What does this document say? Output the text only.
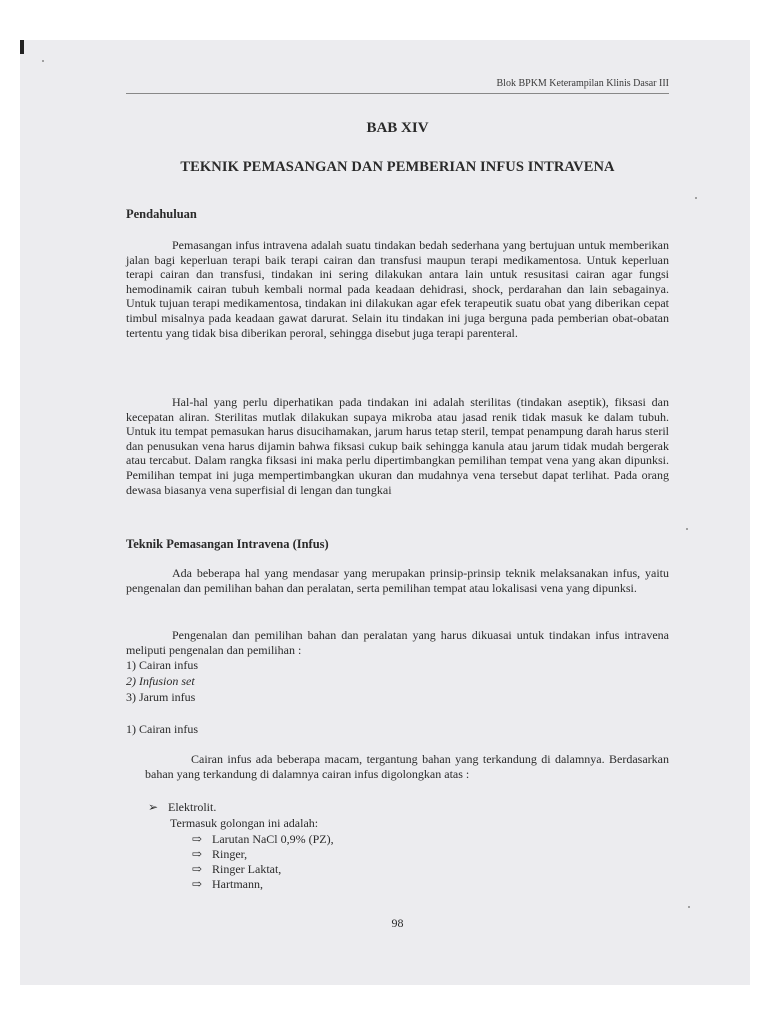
Blok BPKM Keterampilan Klinis Dasar III
BAB XIV
TEKNIK PEMASANGAN DAN PEMBERIAN INFUS INTRAVENA
Pendahuluan

Pemasangan infus intravena adalah suatu tindakan bedah sederhana yang bertujuan untuk memberikan jalan bagi keperluan terapi baik terapi cairan dan transfusi maupun terapi medikamentosa. Untuk keperluan terapi cairan dan transfusi, tindakan ini sering dilakukan antara lain untuk resusitasi cairan agar fungsi hemodinamik cairan tubuh kembali normal pada keadaan dehidrasi, shock, perdarahan dan lain sebagainya. Untuk tujuan terapi medikamentosa, tindakan ini dilakukan agar efek terapeutik suatu obat yang diberikan cepat timbul misalnya pada keadaan gawat darurat. Selain itu tindakan ini juga berguna pada pemberian obat-obatan tertentu yang tidak bisa diberikan peroral, sehingga disebut juga terapi parenteral.

Hal-hal yang perlu diperhatikan pada tindakan ini adalah sterilitas (tindakan aseptik), fiksasi dan kecepatan aliran. Sterilitas mutlak dilakukan supaya mikroba atau jasad renik tidak masuk ke dalam tubuh. Untuk itu tempat pemasukan harus disucihamakan, jarum harus tetap steril, tempat penampung darah harus steril dan penusukan vena harus dijamin bahwa fiksasi cukup baik sehingga kanula atau jarum tidak mudah bergerak atau tercabut. Dalam rangka fiksasi ini maka perlu dipertimbangkan pemilihan tempat vena yang akan dipunksi. Pemilihan tempat ini juga mempertimbangkan ukuran dan mudahnya vena tersebut dapat terlihat. Pada orang dewasa biasanya vena superfisial di lengan dan tungkai

Teknik Pemasangan Intravena (Infus)

Ada beberapa hal yang mendasar yang merupakan prinsip-prinsip teknik melaksanakan infus, yaitu pengenalan dan pemilihan bahan dan peralatan, serta pemilihan tempat atau lokalisasi vena yang dipunksi.

Pengenalan dan pemilihan bahan dan peralatan yang harus dikuasai untuk tindakan infus intravena meliputi pengenalan dan pemilihan :

1) Cairan infus
2) Infusion set
3) Jarum infus
1) Cairan infus

Cairan infus ada beberapa macam, tergantung bahan yang terkandung di dalamnya. Berdasarkan bahan yang terkandung di dalamnya cairan infus digolongkan atas :

➢ Elektrolit.
Termasuk golongan ini adalah:
⇨ Larutan NaCl 0,9% (PZ),
⇨ Ringer,
⇨ Ringer Laktat,
⇨ Hartmann,
98
